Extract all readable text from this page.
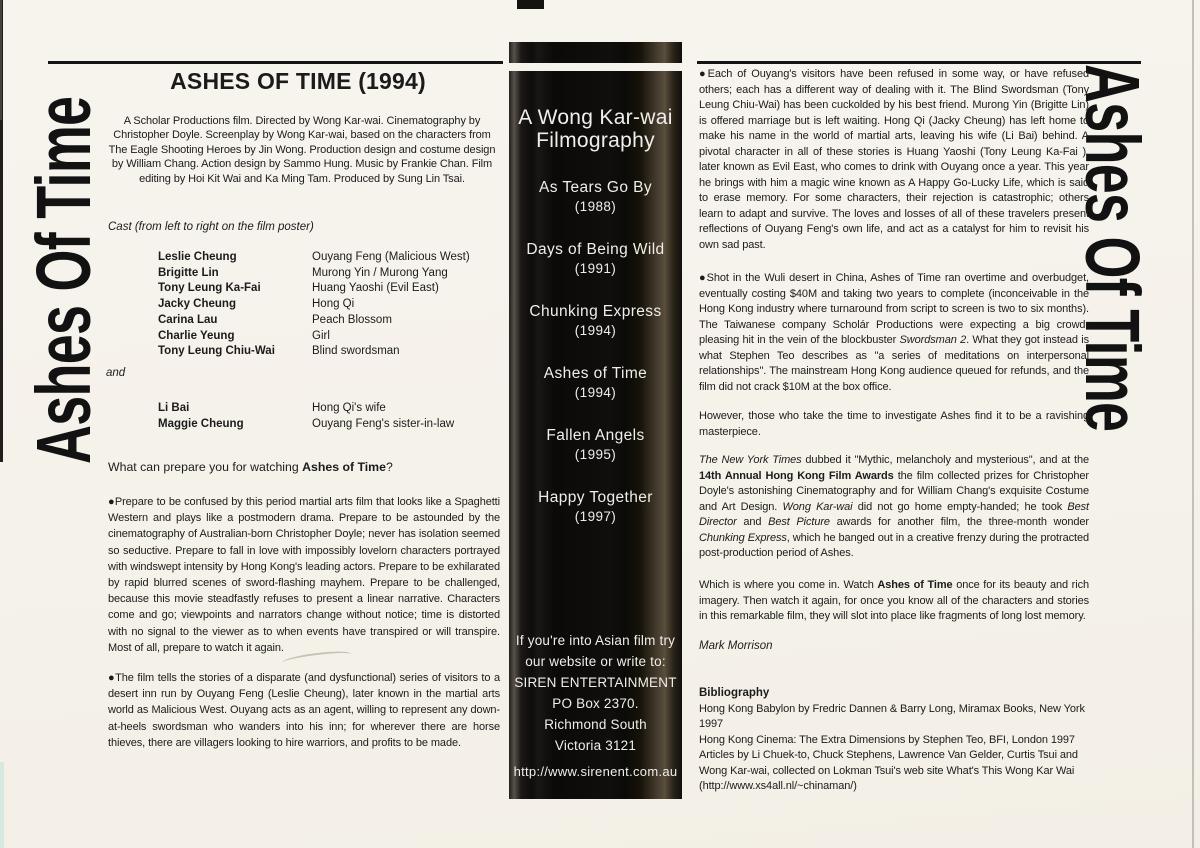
Ashes Of Time	Ashes Of Time
ASHES OF TIME (1994)

A Scholar Productions film. Directed by Wong Kar-wai. Cinematography by Christopher Doyle. Screenplay by Wong Kar-wai, based on the characters from The Eagle Shooting Heroes by Jin Wong. Production design and costume design by William Chang. Action design by Sammo Hung. Music by Frankie Chan. Film editing by Hoi Kit Wai and Ka Ming Tam. Produced by Sung Lin Tsai.

Cast (from left to right on the film poster)

Leslie Cheung	Ouyang Feng (Malicious West)
Brigitte Lin	Murong Yin / Murong Yang
Tony Leung Ka-Fai	Huang Yaoshi (Evil East)
Jacky Cheung	Hong Qi
Carina Lau	Peach Blossom
Charlie Yeung	Girl
Tony Leung Chiu-Wai	Blind swordsman

and

Li Bai	Hong Qi's wife
Maggie Cheung	Ouyang Feng's sister-in-law

What can prepare you for watching Ashes of Time?

●Prepare to be confused by this period martial arts film that looks like a Spaghetti Western and plays like a postmodern drama. Prepare to be astounded by the cinematography of Australian-born Christopher Doyle; never has isolation seemed so seductive. Prepare to fall in love with impossibly lovelorn characters portrayed with windswept intensity by Hong Kong's leading actors. Prepare to be exhilarated by rapid blurred scenes of sword-flashing mayhem. Prepare to be challenged, because this movie steadfastly refuses to present a linear narrative. Characters come and go; viewpoints and narrators change without notice; time is distorted with no signal to the viewer as to when events have transpired or will transpire. Most of all, prepare to watch it again.

●The film tells the stories of a disparate (and dysfunctional) series of visitors to a desert inn run by Ouyang Feng (Leslie Cheung), later known in the martial arts world as Malicious West. Ouyang acts as an agent, willing to represent any down-at-heels swordsman who wanders into his inn; for wherever there are horse thieves, there are villagers looking to hire warriors, and profits to be made.

A Wong Kar-wai Filmography
As Tears Go By
(1988)
Days of Being Wild
(1991)
Chunking Express
(1994)
Ashes of Time
(1994)
Fallen Angels
(1995)
Happy Together
(1997)
If you're into Asian film try
our website or write to:
SIREN ENTERTAINMENT
PO Box 2370.
Richmond South
Victoria 3121
http://www.sirenent.com.au

●Each of Ouyang's visitors have been refused in some way, or have refused others; each has a different way of dealing with it. The Blind Swordsman (Tony Leung Chiu-Wai) has been cuckolded by his best friend. Murong Yin (Brigitte Lin) is offered marriage but is left waiting. Hong Qi (Jacky Cheung) has left home to make his name in the world of martial arts, leaving his wife (Li Bai) behind. A pivotal character in all of these stories is Huang Yaoshi (Tony Leung Ka-Fai ), later known as Evil East, who comes to drink with Ouyang once a year. This year he brings with him a magic wine known as A Happy Go-Lucky Life, which is said to erase memory. For some characters, their rejection is catastrophic; others learn to adapt and survive. The loves and losses of all of these travelers present reflections of Ouyang Feng's own life, and act as a catalyst for him to revisit his own sad past.

●Shot in the Wuli desert in China, Ashes of Time ran overtime and overbudget, eventually costing $40M and taking two years to complete (inconceivable in the Hong Kong industry where turnaround from script to screen is two to six months). The Taiwanese company Scholár Productions were expecting a big crowd-pleasing hit in the vein of the blockbuster Swordsman 2. What they got instead is what Stephen Teo describes as "a series of meditations on interpersonal relationships". The mainstream Hong Kong audience queued for refunds, and the film did not crack $10M at the box office.

However, those who take the time to investigate Ashes find it to be a ravishing masterpiece.

The New York Times dubbed it "Mythic, melancholy and mysterious", and at the 14th Annual Hong Kong Film Awards the film collected prizes for Christopher Doyle's astonishing Cinematography and for William Chang's exquisite Costume and Art Design. Wong Kar-wai did not go home empty-handed; he took Best Director and Best Picture awards for another film, the three-month wonder Chunking Express, which he banged out in a creative frenzy during the protracted post-production period of Ashes.

Which is where you come in. Watch Ashes of Time once for its beauty and rich imagery. Then watch it again, for once you know all of the characters and stories in this remarkable film, they will slot into place like fragments of long lost memory.

Mark Morrison

Bibliography

Hong Kong Babylon by Fredric Dannen & Barry Long, Miramax Books, New York 1997

Hong Kong Cinema: The Extra Dimensions by Stephen Teo, BFI, London 1997

Articles by Li Chuek-to, Chuck Stephens, Lawrence Van Gelder, Curtis Tsui and Wong Kar-wai, collected on Lokman Tsui's web site What's This Wong Kar Wai (http://www.xs4all.nl/~chinaman/)
